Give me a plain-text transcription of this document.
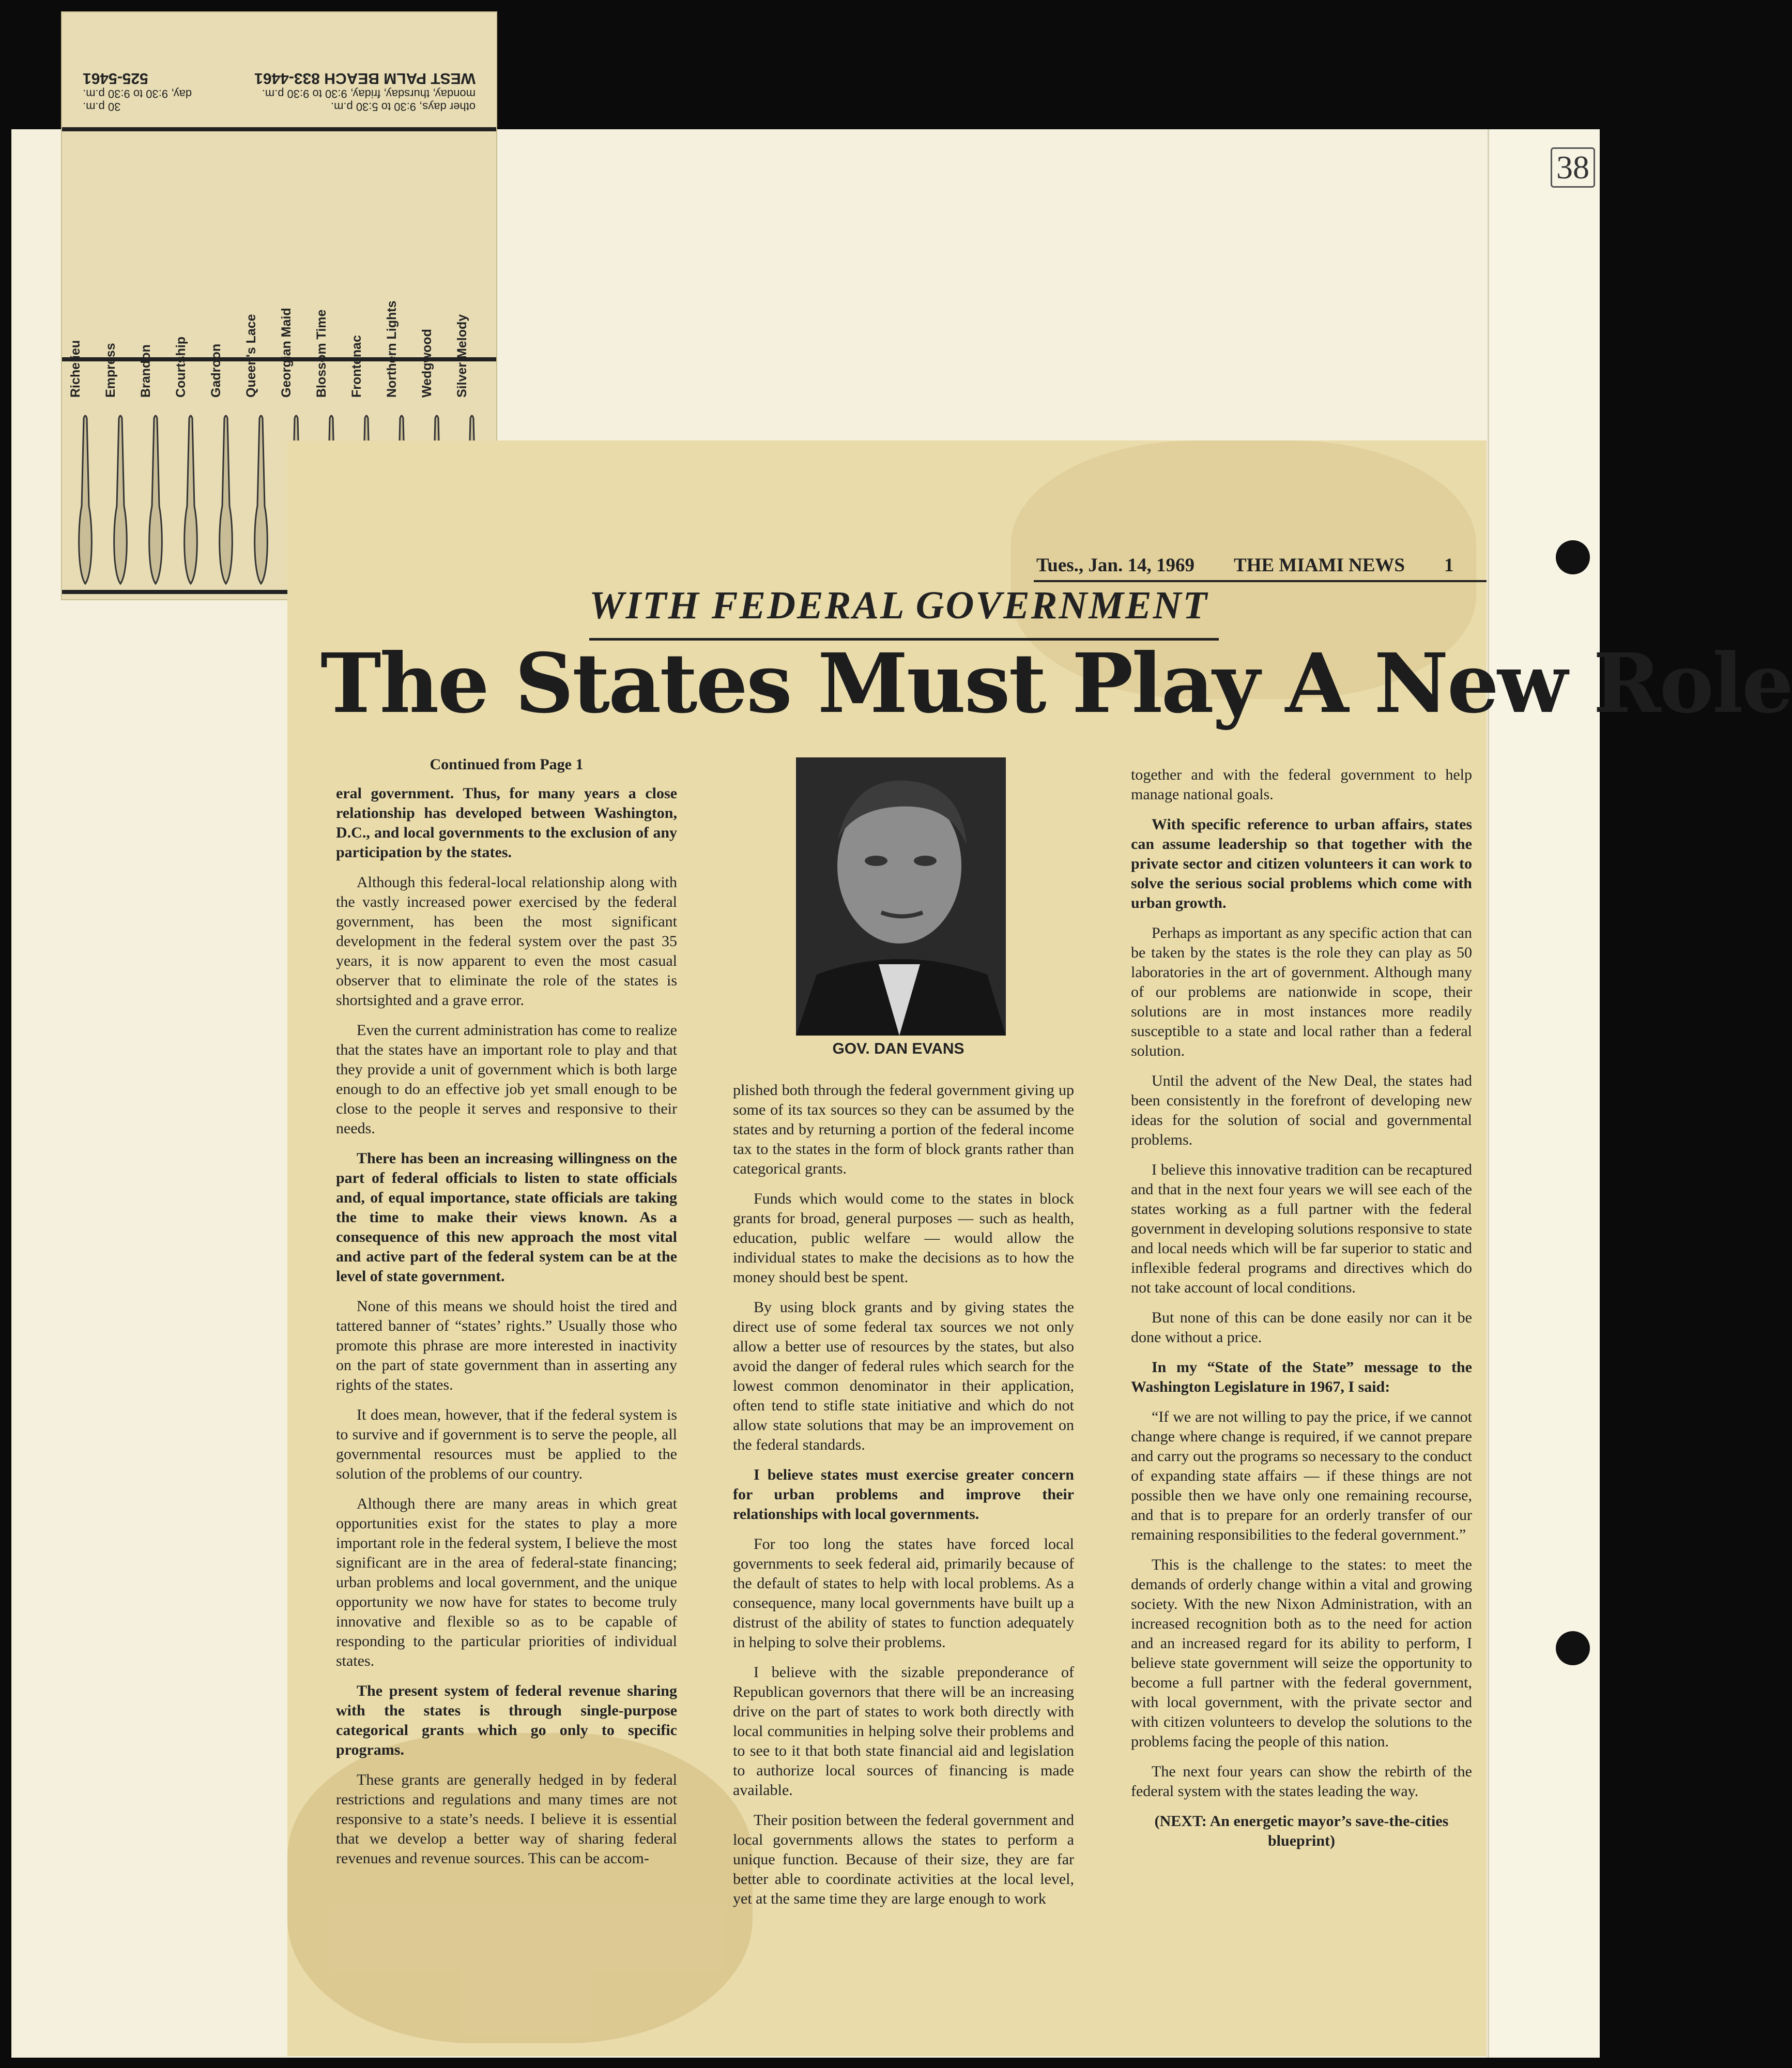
38
other days, 9:30 to 5:30 p.m.
monday, thursday, friday, 9:30 to 9:30 p.m.
WEST PALM BEACH 833-4461
30 p.m.
day, 9:30 to 9:30 p.m.
525-5461
Richelieu	Empress	Brandon	Courtship	Gadroon	Queen's Lace	Georgian Maid	Blossom Time	Frontenac	Northern Lights	Wedgwood	Silver Melody
Tues., Jan. 14, 1969 THE MIAMI NEWS 1
WITH FEDERAL GOVERNMENT
The States Must Play A New Role

Continued from Page 1

eral government. Thus, for many years a close relationship has developed between Washington, D.C., and local governments to the exclusion of any participation by the states.

Although this federal-local relationship along with the vastly increased power exercised by the federal government, has been the most significant development in the federal system over the past 35 years, it is now apparent to even the most casual observer that to eliminate the role of the states is shortsighted and a grave error.

Even the current administration has come to realize that the states have an important role to play and that they provide a unit of government which is both large enough to do an effective job yet small enough to be close to the people it serves and responsive to their needs.

There has been an increasing willingness on the part of federal officials to listen to state officials and, of equal importance, state officials are taking the time to make their views known. As a consequence of this new approach the most vital and active part of the federal system can be at the level of state government.

None of this means we should hoist the tired and tattered banner of “states’ rights.” Usually those who promote this phrase are more interested in inactivity on the part of state government than in asserting any rights of the states.

It does mean, however, that if the federal system is to survive and if government is to serve the people, all governmental resources must be applied to the solution of the problems of our country.

Although there are many areas in which great opportunities exist for the states to play a more important role in the federal system, I believe the most significant are in the area of federal-state financing; urban problems and local government, and the unique opportunity we now have for states to become truly innovative and flexible so as to be capable of responding to the particular priorities of individual states.

The present system of federal revenue sharing with the states is through single-purpose categorical grants which go only to specific programs.

These grants are generally hedged in by federal restrictions and regulations and many times are not responsive to a state’s needs. I believe it is essential that we develop a better way of sharing federal revenues and revenue sources. This can be accom-

GOV. DAN EVANS

plished both through the federal government giving up some of its tax sources so they can be assumed by the states and by returning a portion of the federal income tax to the states in the form of block grants rather than categorical grants.

Funds which would come to the states in block grants for broad, general purposes — such as health, education, public welfare — would allow the individual states to make the decisions as to how the money should best be spent.

By using block grants and by giving states the direct use of some federal tax sources we not only allow a better use of resources by the states, but also avoid the danger of federal rules which search for the lowest common denominator in their application, often tend to stifle state initiative and which do not allow state solutions that may be an improvement on the federal standards.

I believe states must exercise greater concern for urban problems and improve their relationships with local governments.

For too long the states have forced local governments to seek federal aid, primarily because of the default of states to help with local problems. As a consequence, many local governments have built up a distrust of the ability of states to function adequately in helping to solve their problems.

I believe with the sizable preponderance of Republican governors that there will be an increasing drive on the part of states to work both directly with local communities in helping solve their problems and to see to it that both state financial aid and legislation to authorize local sources of financing is made available.

Their position between the federal government and local governments allows the states to perform a unique function. Because of their size, they are far better able to coordinate activities at the local level, yet at the same time they are large enough to work

together and with the federal government to help manage national goals.

With specific reference to urban affairs, states can assume leadership so that together with the private sector and citizen volunteers it can work to solve the serious social problems which come with urban growth.

Perhaps as important as any specific action that can be taken by the states is the role they can play as 50 laboratories in the art of government. Although many of our problems are nationwide in scope, their solutions are in most instances more readily susceptible to a state and local rather than a federal solution.

Until the advent of the New Deal, the states had been consistently in the forefront of developing new ideas for the solution of social and governmental problems.

I believe this innovative tradition can be recaptured and that in the next four years we will see each of the states working as a full partner with the federal government in developing solutions responsive to state and local needs which will be far superior to static and inflexible federal programs and directives which do not take account of local conditions.

But none of this can be done easily nor can it be done without a price.

In my “State of the State” message to the Washington Legislature in 1967, I said:

“If we are not willing to pay the price, if we cannot change where change is required, if we cannot prepare and carry out the programs so necessary to the conduct of expanding state affairs — if these things are not possible then we have only one remaining recourse, and that is to prepare for an orderly transfer of our remaining responsibilities to the federal government.”

This is the challenge to the states: to meet the demands of orderly change within a vital and growing society. With the new Nixon Administration, with an increased recognition both as to the need for action and an increased regard for its ability to perform, I believe state government will seize the opportunity to become a full partner with the federal government, with local government, with the private sector and with citizen volunteers to develop the solutions to the problems facing the people of this nation.

The next four years can show the rebirth of the federal system with the states leading the way.

(NEXT: An energetic mayor’s save-the-cities blueprint)
